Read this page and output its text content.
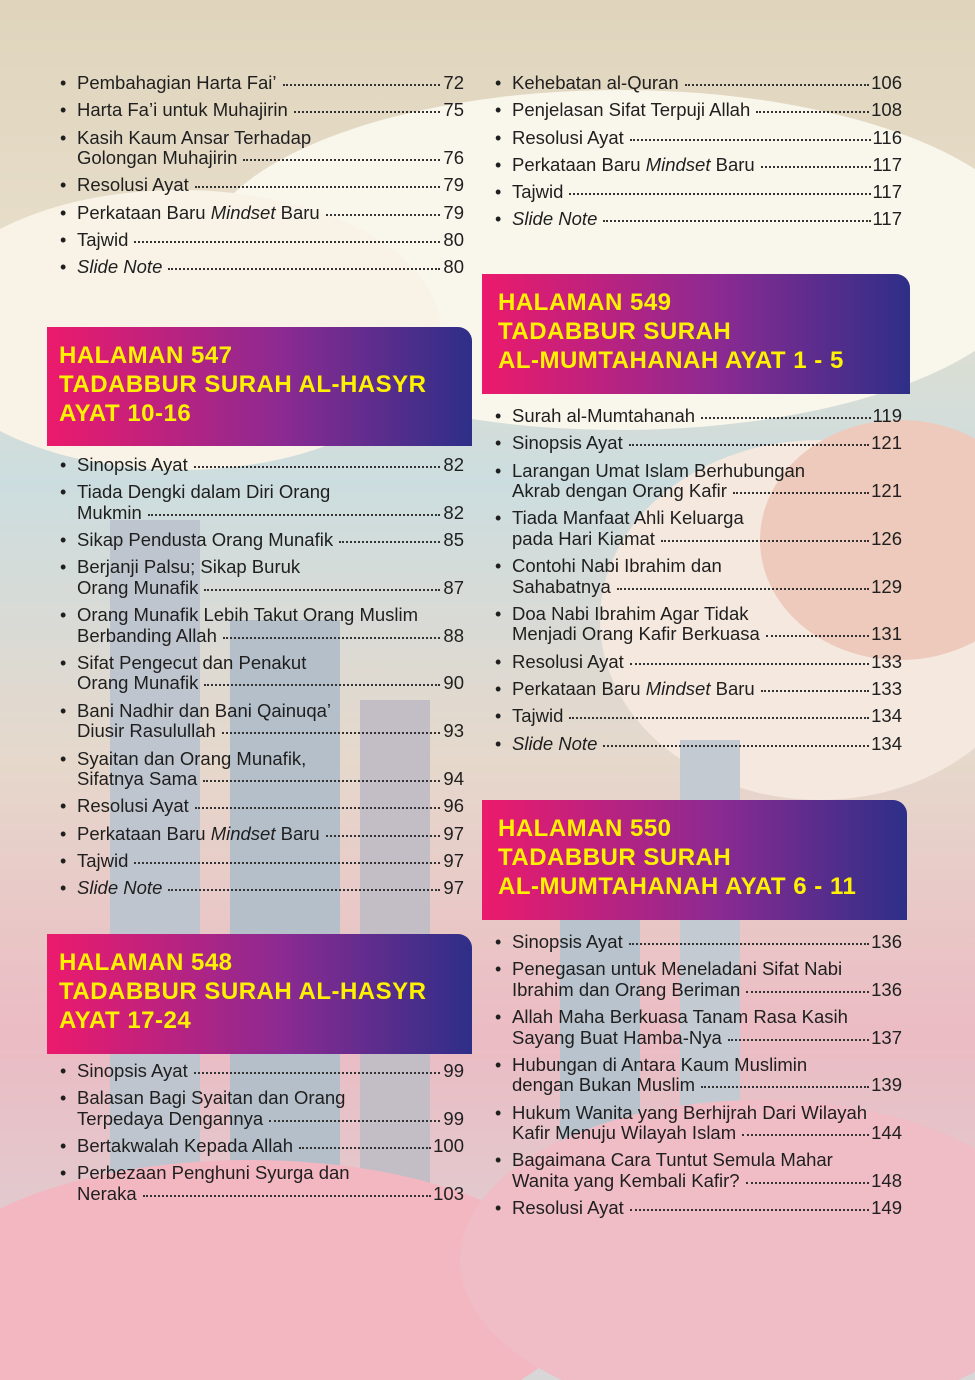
• Pembahagian Harta Fai’	72
• Harta Fa’i untuk Muhajirin	75
• Kasih Kaum Ansar Terhadap
Golongan Muhajirin	76
• Resolusi Ayat	79
• Perkataan Baru Mindset Baru	79
• Tajwid	80
• Slide Note	80
HALAMAN 547
TADABBUR SURAH AL-HASYR
AYAT 10-16
• Sinopsis Ayat	82
• Tiada Dengki dalam Diri Orang
Mukmin	82
• Sikap Pendusta Orang Munafik	85
• Berjanji Palsu; Sikap Buruk
Orang Munafik	87
• Orang Munafik Lebih Takut Orang Muslim
Berbanding Allah	88
• Sifat Pengecut dan Penakut
Orang Munafik	90
• Bani Nadhir dan Bani Qainuqa’
Diusir Rasulullah	93
• Syaitan dan Orang Munafik,
Sifatnya Sama	94
• Resolusi Ayat	96
• Perkataan Baru Mindset Baru	97
• Tajwid	97
• Slide Note	97
HALAMAN 548
TADABBUR SURAH AL-HASYR
AYAT 17-24
• Sinopsis Ayat	99
• Balasan Bagi Syaitan dan Orang
Terpedaya Dengannya	99
• Bertakwalah Kepada Allah	100
• Perbezaan Penghuni Syurga dan
Neraka	103
• Kehebatan al-Quran	106
• Penjelasan Sifat Terpuji Allah	108
• Resolusi Ayat	116
• Perkataan Baru Mindset Baru	117
• Tajwid	117
• Slide Note	117
HALAMAN 549
TADABBUR SURAH
AL-MUMTAHANAH AYAT 1 - 5
• Surah al-Mumtahanah	119
• Sinopsis Ayat	121
• Larangan Umat Islam Berhubungan
Akrab dengan Orang Kafir	121
• Tiada Manfaat Ahli Keluarga
pada Hari Kiamat	126
• Contohi Nabi Ibrahim dan
Sahabatnya	129
• Doa Nabi Ibrahim Agar Tidak
Menjadi Orang Kafir Berkuasa	131
• Resolusi Ayat	133
• Perkataan Baru Mindset Baru	133
• Tajwid	134
• Slide Note	134
HALAMAN 550
TADABBUR SURAH
AL-MUMTAHANAH AYAT 6 - 11
• Sinopsis Ayat	136
• Penegasan untuk Meneladani Sifat Nabi
Ibrahim dan Orang Beriman	136
• Allah Maha Berkuasa Tanam Rasa Kasih
Sayang Buat Hamba-Nya	137
• Hubungan di Antara Kaum Muslimin
dengan Bukan Muslim	139
• Hukum Wanita yang Berhijrah Dari Wilayah
Kafir Menuju Wilayah Islam	144
• Bagaimana Cara Tuntut Semula Mahar
Wanita yang Kembali Kafir?	148
• Resolusi Ayat	149
